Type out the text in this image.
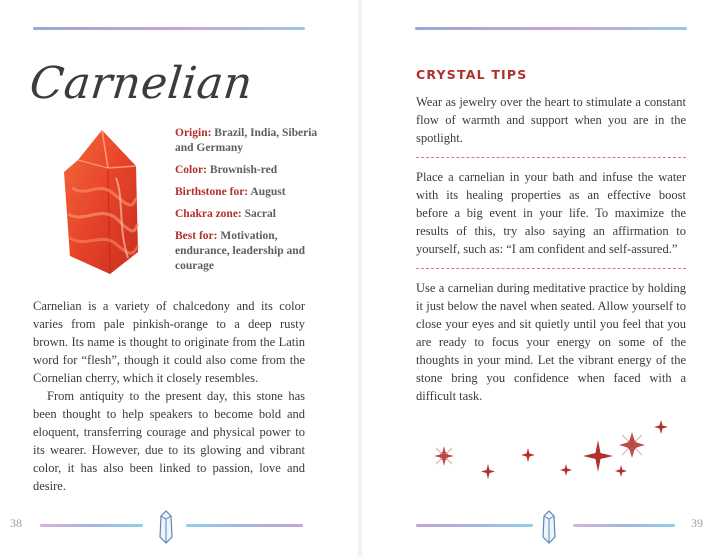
Carnelian

Origin: Brazil, India, Siberia and Germany

Color: Brownish-red

Birthstone for: August

Chakra zone: Sacral

Best for: Motivation, endurance, leadership and courage

Carnelian is a variety of chalcedony and its color varies from pale pinkish-orange to a deep rusty brown. Its name is thought to originate from the Latin word for “flesh”, though it could also come from the Cornelian cherry, which it closely resembles.

From antiquity to the present day, this stone has been thought to help speakers to become bold and eloquent, transferring courage and physical power to its wearer. However, due to its glowing and vibrant color, it has also been linked to passion, love and desire.

38
CRYSTAL TIPS

Wear as jewelry over the heart to stimulate a constant flow of warmth and support when you are in the spotlight.

Place a carnelian in your bath and infuse the water with its healing properties as an effective boost before a big event in your life. To maximize the results of this, try also saying an affirmation to yourself, such as: “I am confident and self-assured.”

Use a carnelian during meditative practice by holding it just below the navel when seated. Allow yourself to close your eyes and sit quietly until you feel that you are ready to focus your energy on some of the thoughts in your mind. Let the vibrant energy of the stone bring you confidence when faced with a difficult task.

39
